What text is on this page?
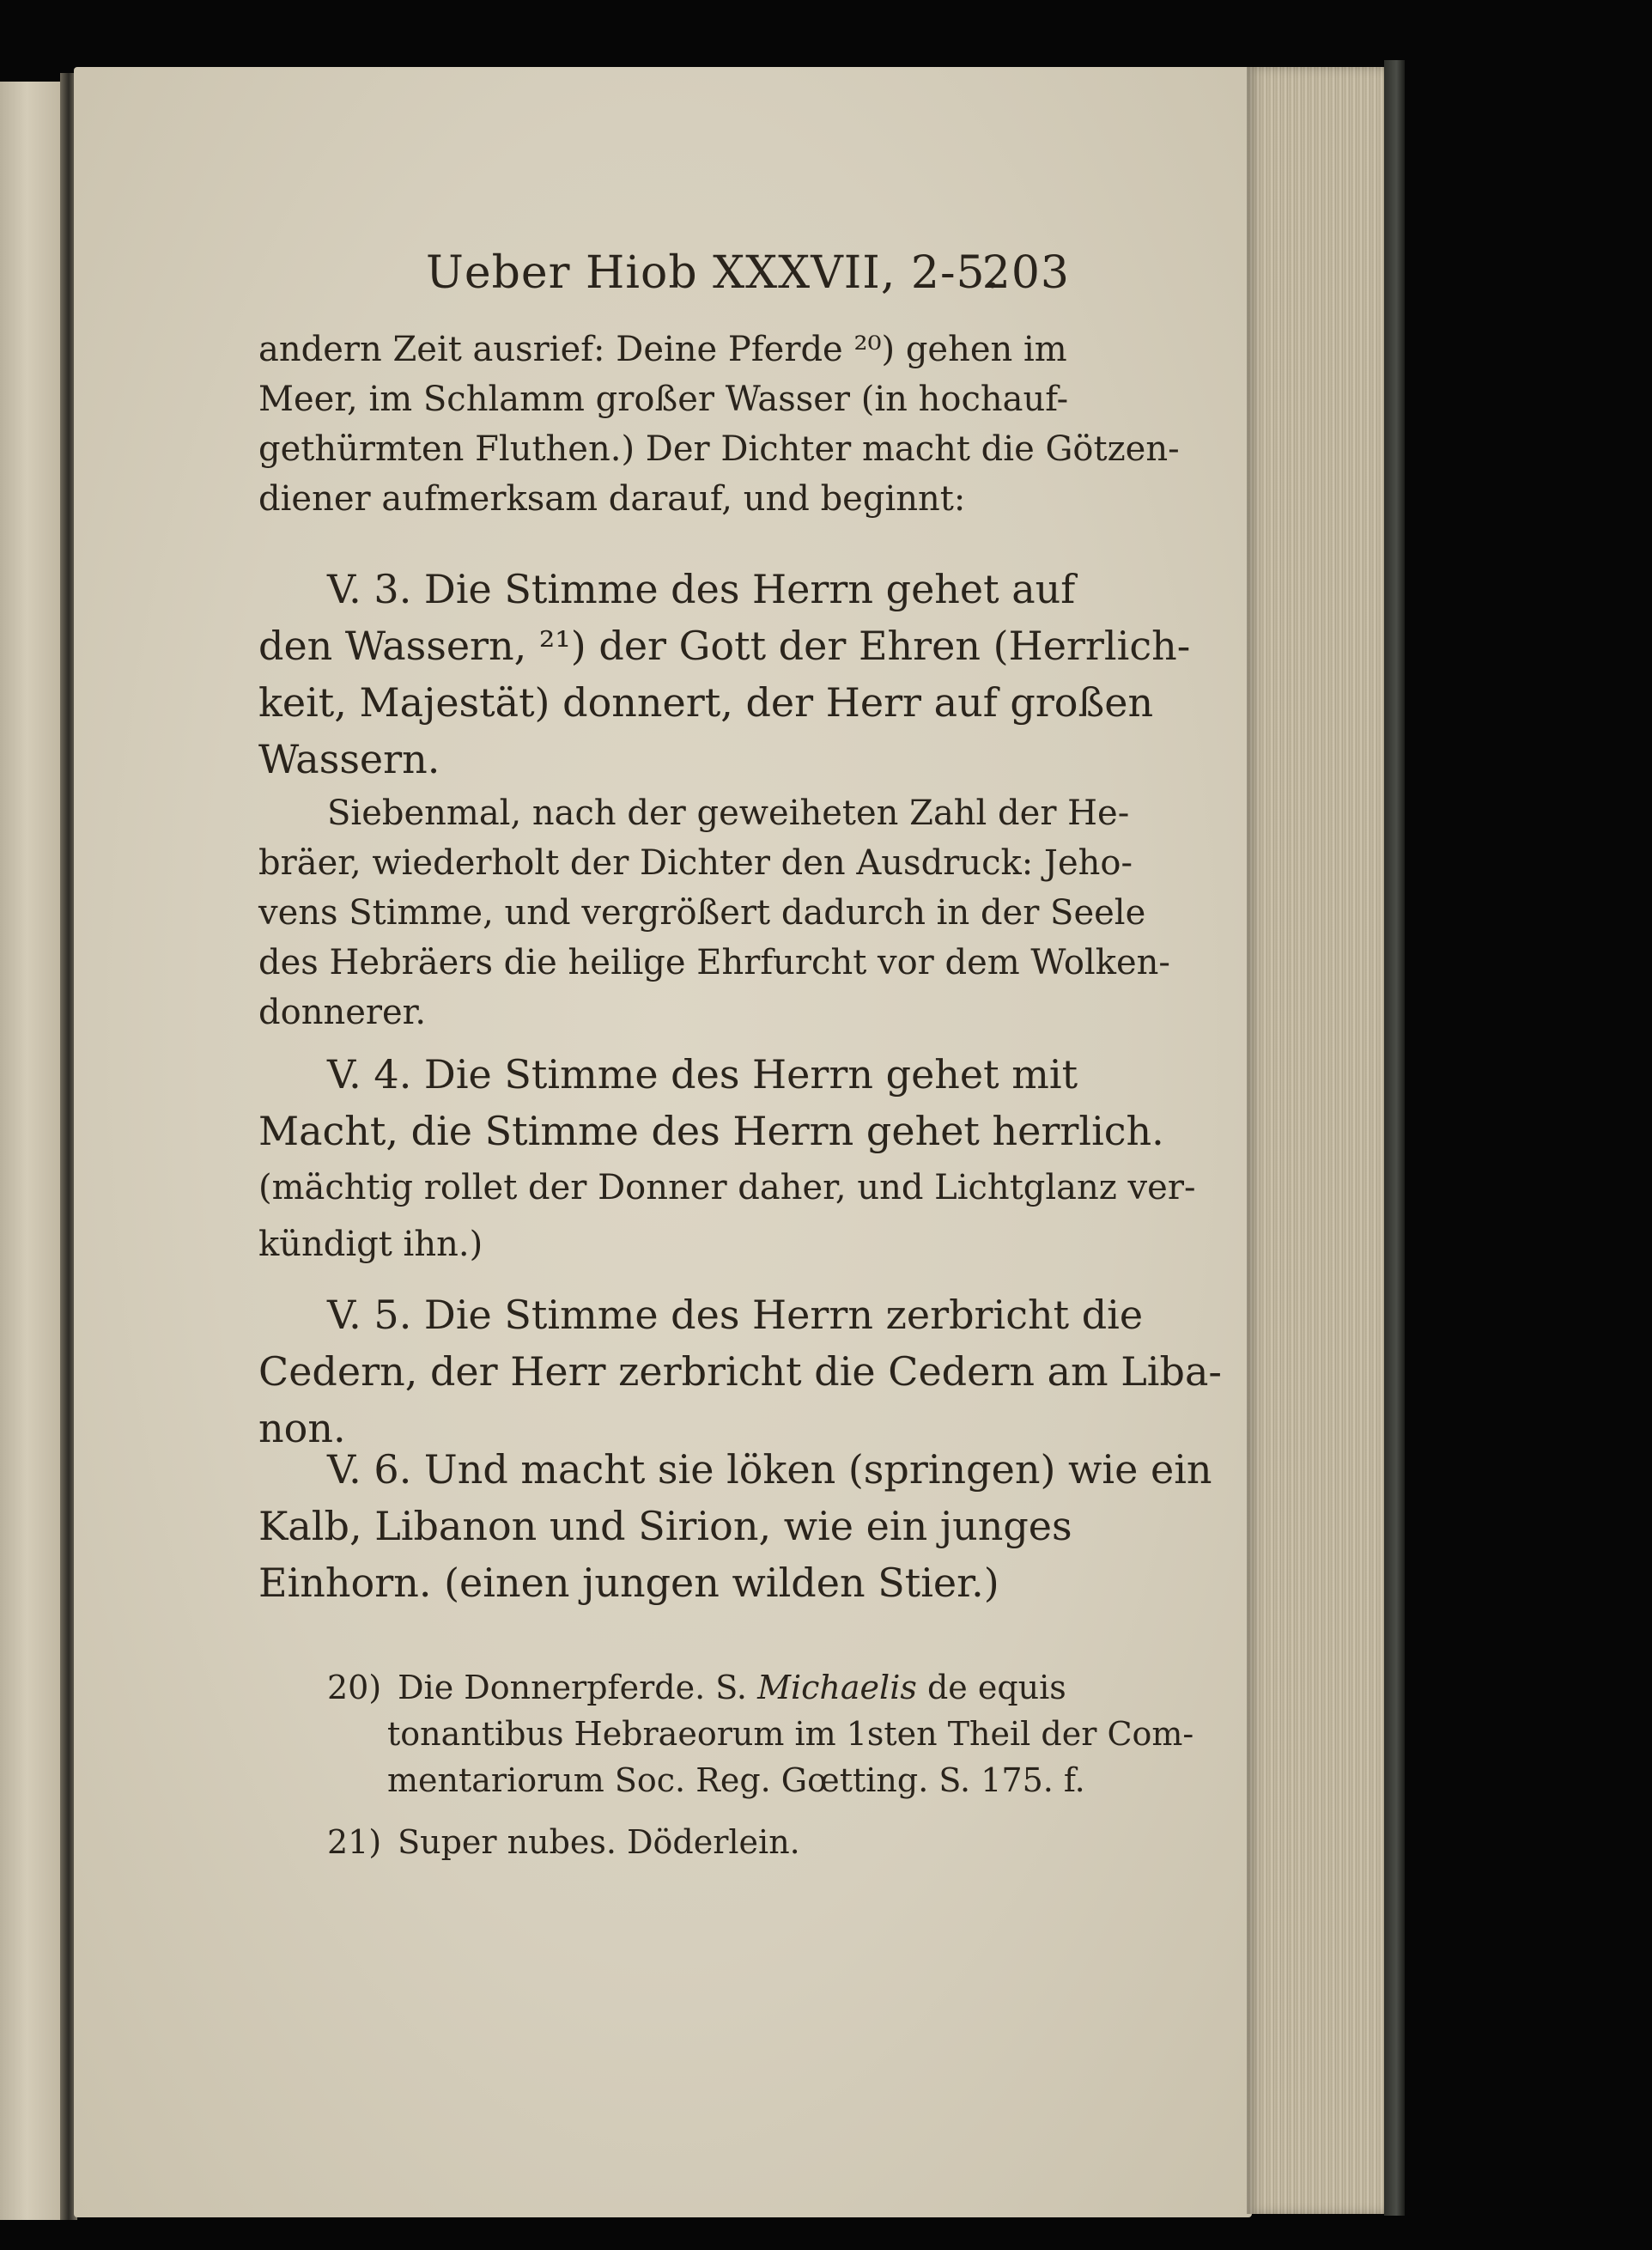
Ueber Hiob XXXVII, 2-5.
203
andern Zeit ausrief: Deine Pferde ²⁰) gehen im
Meer, im Schlamm großer Wasser (in hochauf-
gethürmten Fluthen.) Der Dichter macht die Götzen-
diener aufmerksam darauf, und beginnt:
V. 3. Die Stimme des Herrn gehet auf
den Wassern, ²¹) der Gott der Ehren (Herrlich-
keit, Majestät) donnert, der Herr auf großen
Wassern.
Siebenmal, nach der geweiheten Zahl der He-
bräer, wiederholt der Dichter den Ausdruck: Jeho-
vens Stimme, und vergrößert dadurch in der Seele
des Hebräers die heilige Ehrfurcht vor dem Wolken-
donnerer.
V. 4. Die Stimme des Herrn gehet mit
Macht, die Stimme des Herrn gehet herrlich.
(mächtig rollet der Donner daher, und Lichtglanz ver-
kündigt ihn.)
V. 5. Die Stimme des Herrn zerbricht die
Cedern, der Herr zerbricht die Cedern am Liba-
non.
V. 6. Und macht sie löken (springen) wie ein
Kalb, Libanon und Sirion, wie ein junges
Einhorn. (einen jungen wilden Stier.)
20) Die Donnerpferde. S. Michaelis de equis
tonantibus Hebraeorum im 1sten Theil der Com-
mentariorum Soc. Reg. Gœtting. S. 175. f.
21) Super nubes. Döderlein.
